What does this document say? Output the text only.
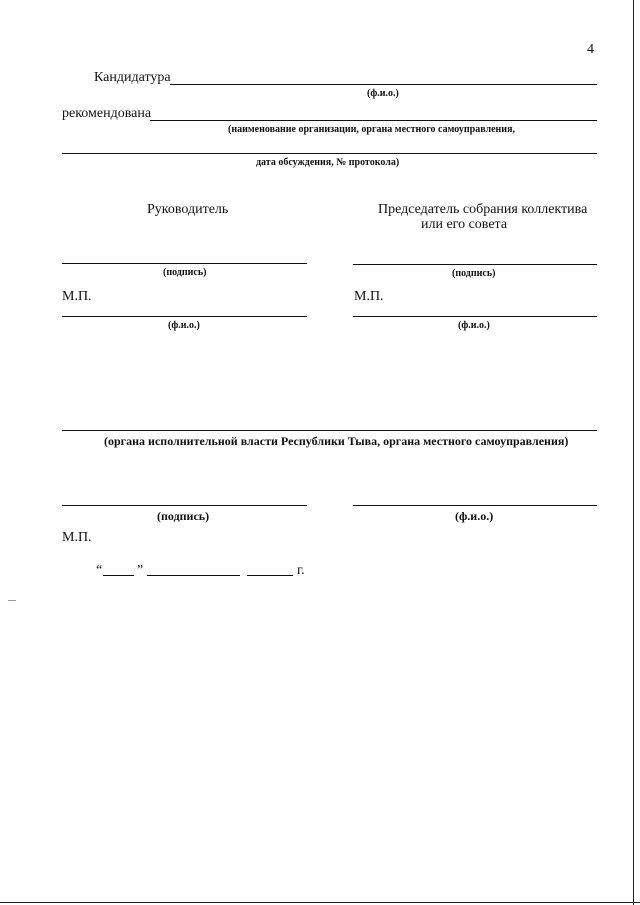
4
Кандидатура
(ф.и.о.)
рекомендована
(наименование организации, органа местного самоуправления,
дата обсуждения, № протокола)
Руководитель
(подпись)
М.П.
(ф.и.о.)
Председатель собрания коллектива
или его совета
(подпись)
М.П.
(ф.и.о.)
(органа исполнительной власти Республики Тыва, органа местного самоуправления)
(подпись)	(ф.и.о.)
М.П.
“ ”	г.
